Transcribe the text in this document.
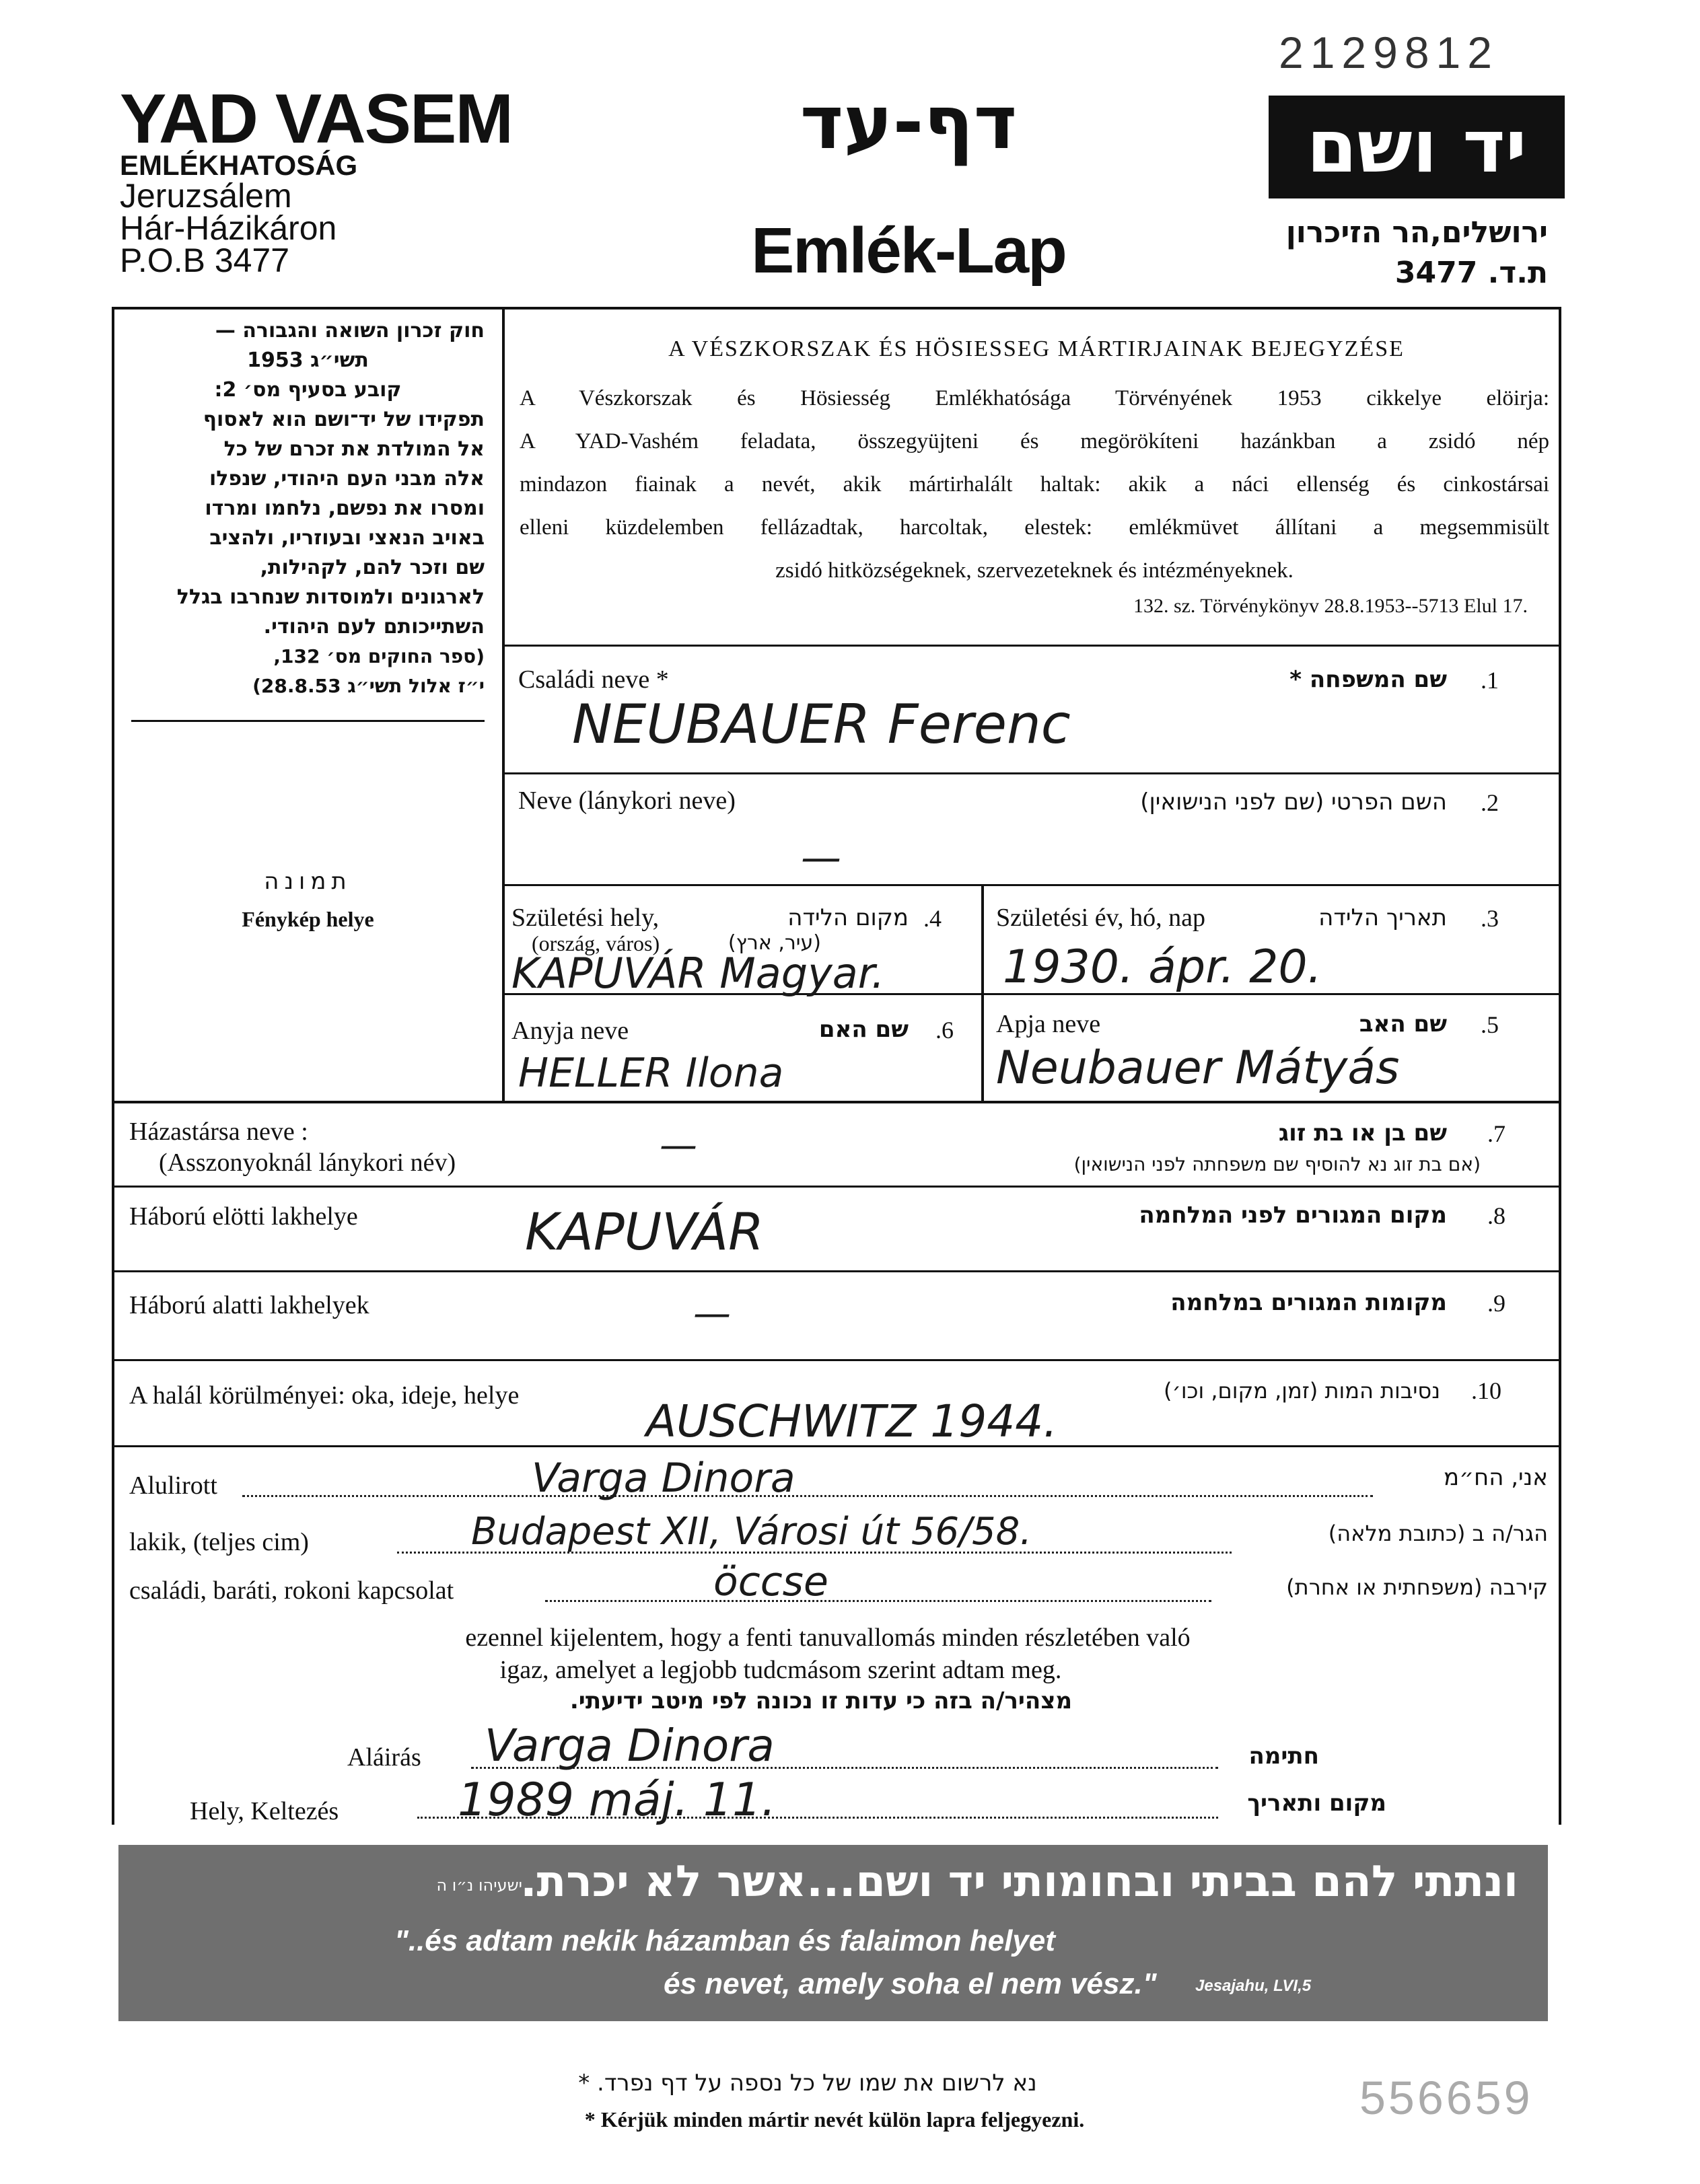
2129812
YAD VASEM
EMLÉKHATOSÁG
Jeruzsálem
Hár-Házikáron
P.O.B 3477
דף-עד
Emlék-Lap
יד ושם
ירושלים,הר הזיכרון
ת.ד. 3477
חוק זכרון השואה והגבורה —
תשי״ג 1953
קובע בסעיף מס׳ 2:
תפקידו של יד־ושם הוא לאסוף
אל המולדת את זכרם של כל
אלה מבני העם היהודי, שנפלו
ומסרו את נפשם, נלחמו ומרדו
באויב הנאצי ובעוזריו, ולהציב
שם וזכר להם, לקהילות,
לארגונים ולמוסדות שנחרבו בגלל
השתייכותם לעם היהודי.
(ספר החוקים מס׳ 132,
י״ז אלול תשי״ג 28.8.53)
תמונה
Fénykép helye
A VÉSZKORSZAK ÉS HÖSIESSEG MÁRTIRJAINAK BEJEGYZÉSE
A Vészkorszak és Hösiesség Emlékhatósága Törvényének 1953 cikkelye elöirja:
A YAD-Vashém feladata, összegyüjteni és megörökíteni hazánkban a zsidó nép
mindazon fiainak a nevét, akik mártirhalált haltak: akik a náci ellenség és cinkostársai
elleni küzdelemben fellázadtak, harcoltak, elestek: emlékmüvet állítani a megsemmisült
zsidó hitközségeknek, szervezeteknek és intézményeknek.
132. sz. Törvénykönyv 28.8.1953--5713 Elul 17.
Családi neve *	שם המשפחה * .1
NEUBAUER Ferenc
Neve (lánykori neve)	השם הפרטי (שם לפני הנישואין) .2
—
Születési hely,	מקום הלידה .4
(ország, város)	(עיר, ארץ)
KAPUVÁR Magyar.
Születési év, hó, nap	תאריך הלידה .3
1930. ápr. 20.
Anyja neve	שם האם .6
HELLER Ilona
Apja neve	שם האב .5
Neubauer Mátyás
Házastársa neve :
(Asszonyoknál lánykori név)
שם בן או בת זוג
(אם בת זוג נא להוסיף שם משפחתה לפני הנישואין)
.7
—
Háború elötti lakhelye	מקום המגורים לפני המלחמה .8
KAPUVÁR
Háború alatti lakhelyek	מקומות המגורים במלחמה .9
—
A halál körülményei: oka, ideje, helye	נסיבות המות (זמן, מקום, וכו׳) .10
AUSCHWITZ 1944.
Alulirott	Varga Dinora	אני, הח״מ
lakik, (teljes cim)	Budapest XII, Városi út 56/58.	הגר/ה ב (כתובת מלאה)
családi, baráti, rokoni kapcsolat	öccse	קירבה (משפחתית או אחרת)
ezennel kijelentem, hogy a fenti tanuvallomás minden részletében való
igaz, amelyet a legjobb tudcmásom szerint adtam meg.
מצהיר/ה בזה כי עדות זו נכונה לפי מיטב ידיעתי.
Aláirás Varga Dinora	חתימה
Hely, Keltezés	1989 máj. 11.	מקום ותאריך
ונתתי להם בביתי ובחומותי יד ושם...אשר לא יכרת.
ישעיהו נ״ו ה
"..és adtam nekik házamban és falaimon helyet
és nevet, amely soha el nem vész." Jesajahu, LVI,5
נא לרשום את שמו של כל נספה על דף נפרד. *
* Kérjük minden mártir nevét külön lapra feljegyezni.	556659
